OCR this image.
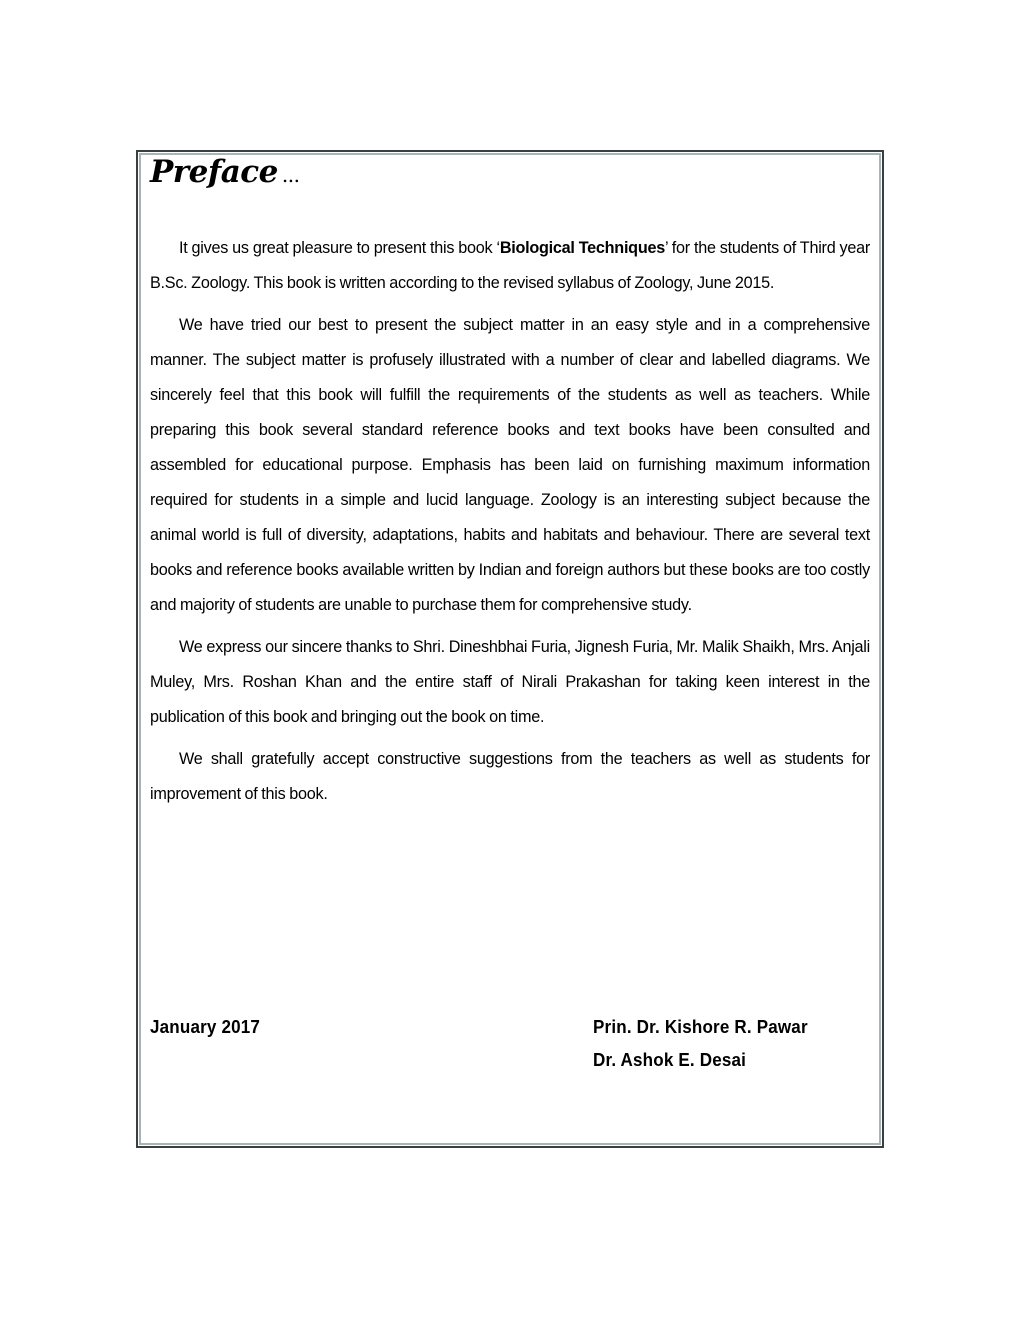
Preface ...

It gives us great pleasure to present this book ‘Biological Techniques’ for the students of Third year B.Sc. Zoology. This book is written according to the revised syllabus of Zoology, June 2015.

We have tried our best to present the subject matter in an easy style and in a comprehensive manner. The subject matter is profusely illustrated with a number of clear and labelled diagrams. We sincerely feel that this book will fulfill the requirements of the students as well as teachers. While preparing this book several standard reference books and text books have been consulted and assembled for educational purpose. Emphasis has been laid on furnishing maximum information required for students in a simple and lucid language. Zoology is an interesting subject because the animal world is full of diversity, adaptations, habits and habitats and behaviour. There are several text books and reference books available written by Indian and foreign authors but these books are too costly and majority of students are unable to purchase them for comprehensive study.

We express our sincere thanks to Shri. Dineshbhai Furia, Jignesh Furia, Mr. Malik Shaikh, Mrs. Anjali Muley, Mrs. Roshan Khan and the entire staff of Nirali Prakashan for taking keen interest in the publication of this book and bringing out the book on time.

We shall gratefully accept constructive suggestions from the teachers as well as students for improvement of this book.

January 2017	Prin. Dr. Kishore R. Pawar
Dr. Ashok E. Desai
